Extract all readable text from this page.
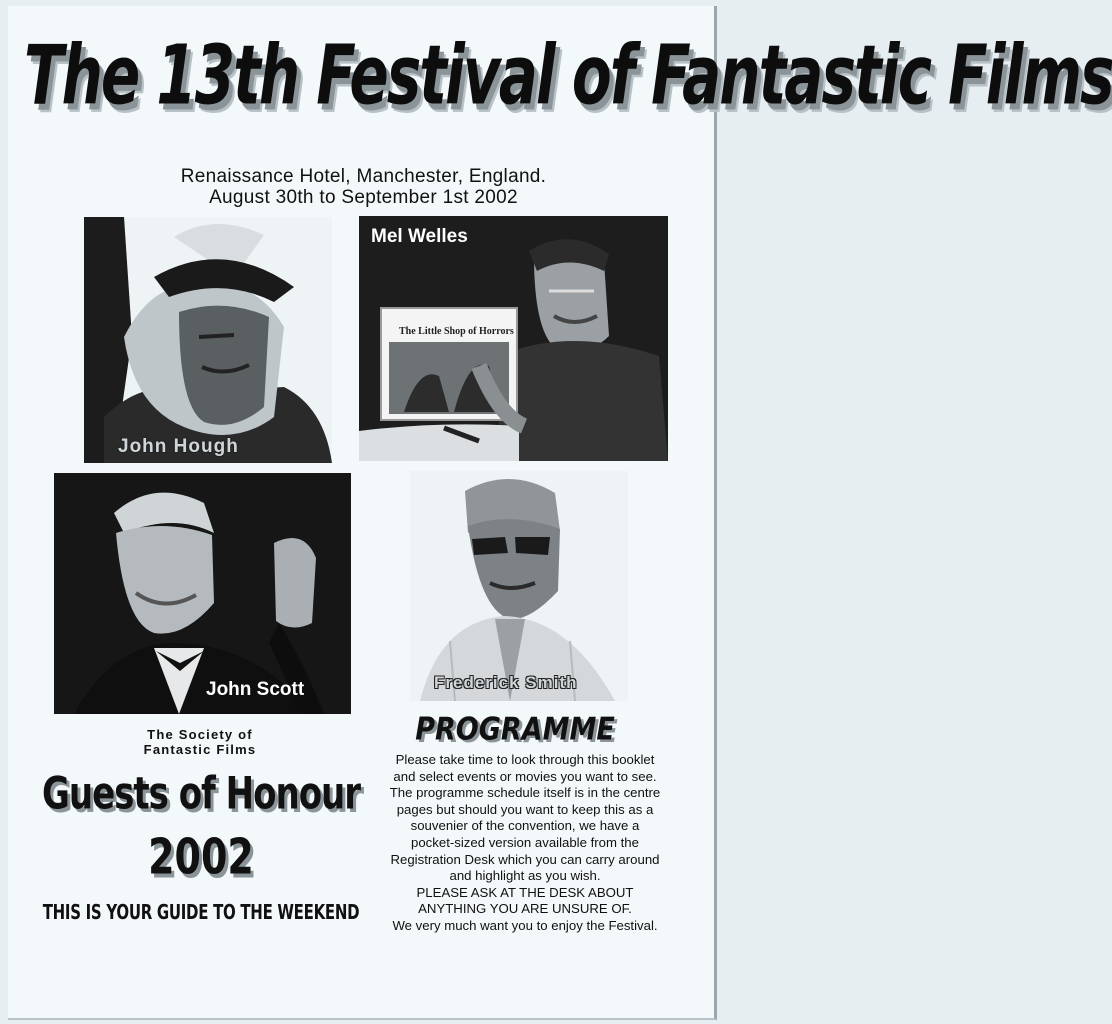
The 13th Festival of Fantastic Films
Renaissance Hotel, Manchester, England.
August 30th to September 1st 2002
John Hough
The Little Shop of Horrors
Mel Welles
John Scott	Frederick Smith
The Society of
Fantastic Films
Guests of Honour
2002
THIS IS YOUR GUIDE TO THE WEEKEND
PROGRAMME
Please take time to look through this booklet
and select events or movies you want to see.
The programme schedule itself is in the centre
pages but should you want to keep this as a
souvenier of the convention, we have a
pocket-sized version available from the
Registration Desk which you can carry around
and highlight as you wish.
PLEASE ASK AT THE DESK ABOUT
ANYTHING YOU ARE UNSURE OF.
We very much want you to enjoy the Festival.
